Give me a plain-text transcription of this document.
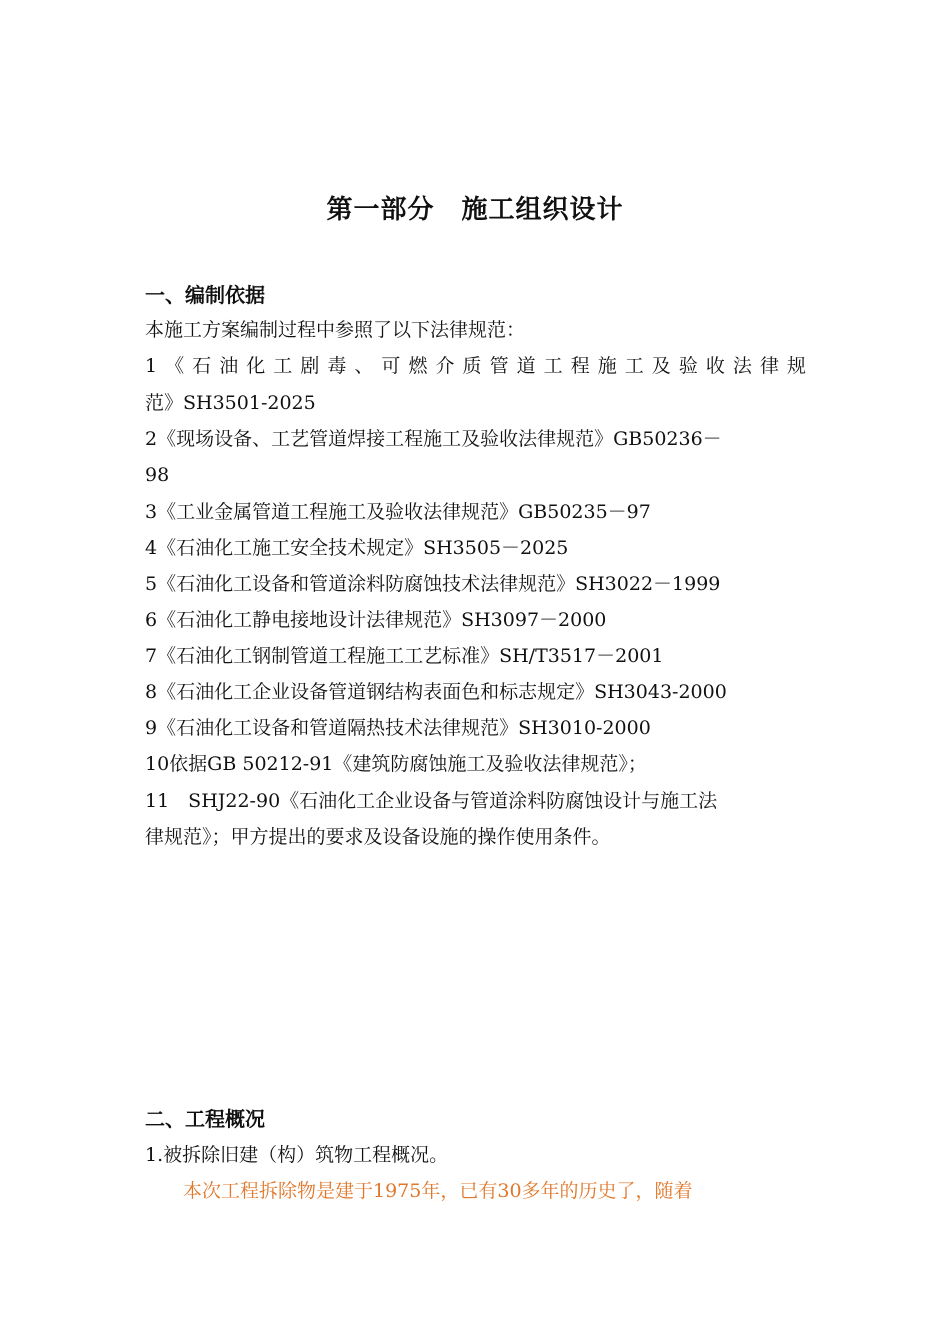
第一部分　施工组织设计
一、编制依据
本施工方案编制过程中参照了以下法律规范：
1《石油化工剧毒、可燃介质管道工程施工及验收法律规
范》SH3501-2025
2《现场设备、工艺管道焊接工程施工及验收法律规范》GB50236－
98
3《工业金属管道工程施工及验收法律规范》GB50235－97
4《石油化工施工安全技术规定》SH3505－2025
5《石油化工设备和管道涂料防腐蚀技术法律规范》SH3022－1999
6《石油化工静电接地设计法律规范》SH3097－2000
7《石油化工钢制管道工程施工工艺标准》SH/T3517－2001
8《石油化工企业设备管道钢结构表面色和标志规定》SH3043-2000
9《石油化工设备和管道隔热技术法律规范》SH3010-2000
10依据GB 50212-91《建筑防腐蚀施工及验收法律规范》；
11　SHJ22-90《石油化工企业设备与管道涂料防腐蚀设计与施工法
律规范》；甲方提出的要求及设备设施的操作使用条件。
二、工程概况
1.被拆除旧建（构）筑物工程概况。
　　本次工程拆除物是建于1975年，已有30多年的历史了，随着
